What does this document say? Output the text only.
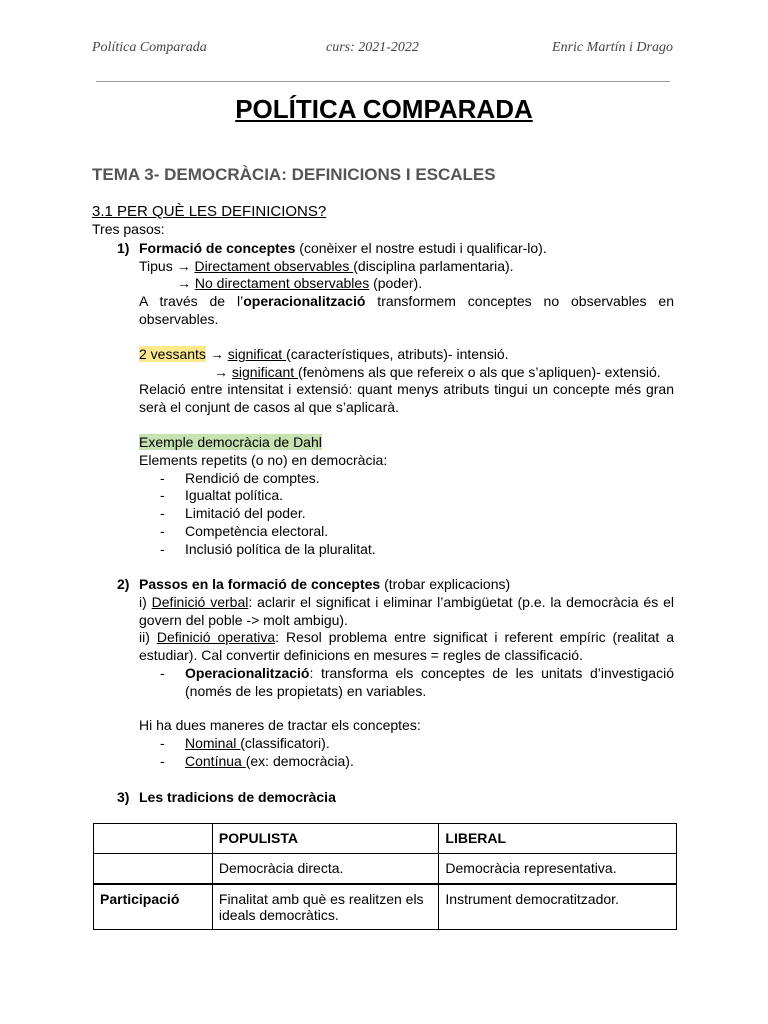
Política Comparada	curs: 2021-2022	Enric Martín i Drago
POLÍTICA COMPARADA
TEMA 3- DEMOCRÀCIA: DEFINICIONS I ESCALES
3.1 PER QUÈ LES DEFINICIONS?
Tres pasos:
1) Formació de conceptes (conèixer el nostre estudi i qualificar-lo).
Tipus → Directament observables (disciplina parlamentaria).
→ No directament observables (poder).
A través de l’operacionalització transformem conceptes no observables en observables.
2 vessants → significat (característiques, atributs)- intensió.
→ significant (fenòmens als que refereix o als que s’apliquen)- extensió.
Relació entre intensitat i extensió: quant menys atributs tingui un concepte més gran serà el conjunt de casos al que s’aplicarà.
Exemple democràcia de Dahl
Elements repetits (o no) en democràcia:
- Rendició de comptes.
- Igualtat política.
- Limitació del poder.
- Competència electoral.
- Inclusió política de la pluralitat.
2) Passos en la formació de conceptes (trobar explicacions)
i) Definició verbal: aclarir el significat i eliminar l’ambigüetat (p.e. la democràcia és el govern del poble -> molt ambigu).
ii) Definició operativa: Resol problema entre significat i referent empíric (realitat a estudiar). Cal convertir definicions en mesures = regles de classificació.
- Operacionalització: transforma els conceptes de les unitats d’investigació (només de les propietats) en variables.
Hi ha dues maneres de tractar els conceptes:
- Nominal (classificatori).
- Contínua (ex: democràcia).
3) Les tradicions de democràcia
	POPULISTA	LIBERAL
	Democràcia directa.	Democràcia representativa.
Participació	Finalitat amb què es realitzen els ideals democràtics.	Instrument democratitzador.
